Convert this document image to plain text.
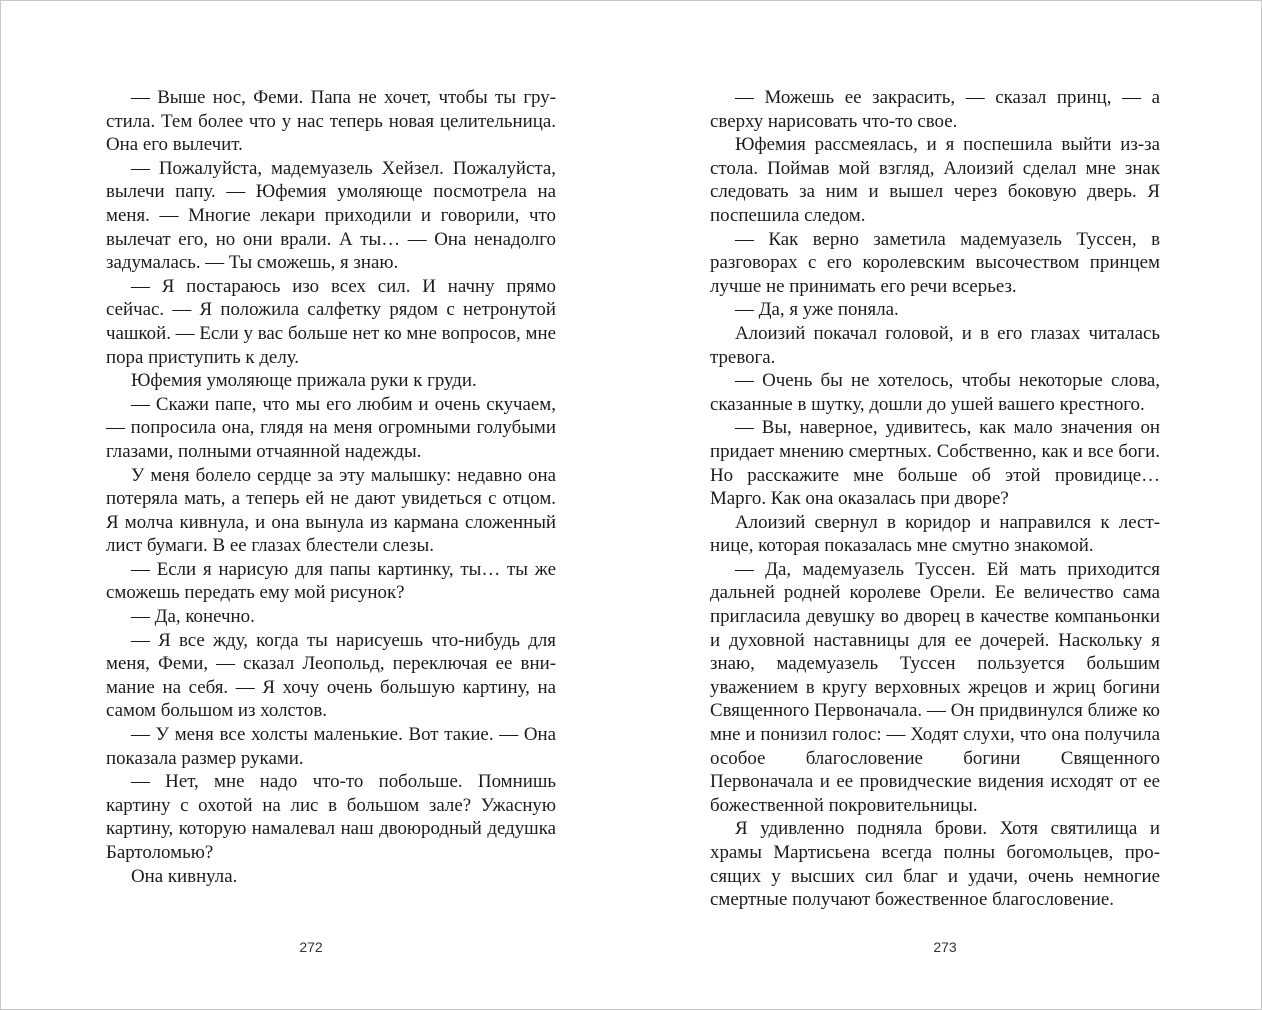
— Выше нос, Феми. Папа не хочет, чтобы ты грустила. Тем более что у нас теперь новая целительница. Она его вылечит.

— Пожалуйста, мадемуазель Хейзел. Пожалуйста, вылечи папу. — Юфемия умоляюще посмотрела на меня. — Многие лекари приходили и говорили, что вылечат его, но они врали. А ты… — Она ненадолго задумалась. — Ты сможешь, я знаю.

— Я постараюсь изо всех сил. И начну прямо сейчас. — Я положила салфетку рядом с нетронутой чашкой. — Если у вас больше нет ко мне вопросов, мне пора приступить к делу.

Юфемия умоляюще прижала руки к груди.

— Скажи папе, что мы его любим и очень скучаем, — попросила она, глядя на меня огромными голубыми глазами, полными отчаянной надежды.

У меня болело сердце за эту малышку: недавно она потеряла мать, а теперь ей не дают увидеться с отцом. Я молча кивнула, и она вынула из кармана сложенный лист бумаги. В ее глазах блестели слезы.

— Если я нарисую для папы картинку, ты… ты же сможешь передать ему мой рисунок?

— Да, конечно.

— Я все жду, когда ты нарисуешь что-нибудь для меня, Феми, — сказал Леопольд, переключая ее внимание на себя. — Я хочу очень большую картину, на самом большом из холстов.

— У меня все холсты маленькие. Вот такие. — Она показала размер руками.

— Нет, мне надо что-то побольше. Помнишь картину с охотой на лис в большом зале? Ужасную картину, которую намалевал наш двоюродный дедушка Бартоломью?

Она кивнула.

272

— Можешь ее закрасить, — сказал принц, — а сверху нарисовать что-то свое.

Юфемия рассмеялась, и я поспешила выйти из-за стола. Поймав мой взгляд, Алоизий сделал мне знак следовать за ним и вышел через боковую дверь. Я поспешила следом.

— Как верно заметила мадемуазель Туссен, в разговорах с его королевским высочеством принцем лучше не принимать его речи всерьез.

— Да, я уже поняла.

Алоизий покачал головой, и в его глазах читалась тревога.

— Очень бы не хотелось, чтобы некоторые слова, сказанные в шутку, дошли до ушей вашего крестного.

— Вы, наверное, удивитесь, как мало значения он придает мнению смертных. Собственно, как и все боги. Но расскажите мне больше об этой провидице… Марго. Как она оказалась при дворе?

Алоизий свернул в коридор и направился к лестнице, которая показалась мне смутно знакомой.

— Да, мадемуазель Туссен. Ей мать приходится дальней родней королеве Орели. Ее величество сама пригласила девушку во дворец в качестве компаньонки и духовной наставницы для ее дочерей. Наскольку я знаю, мадемуазель Туссен пользуется большим уважением в кругу верховных жрецов и жриц богини Священного Первоначала. — Он придвинулся ближе ко мне и понизил голос: — Ходят слухи, что она получила особое благословение богини Священного Первоначала и ее провидческие видения исходят от ее божественной покровительницы.

Я удивленно подняла брови. Хотя святилища и храмы Мартисьена всегда полны богомольцев, просящих у высших сил благ и удачи, очень немногие смертные получают божественное благословение.

273
